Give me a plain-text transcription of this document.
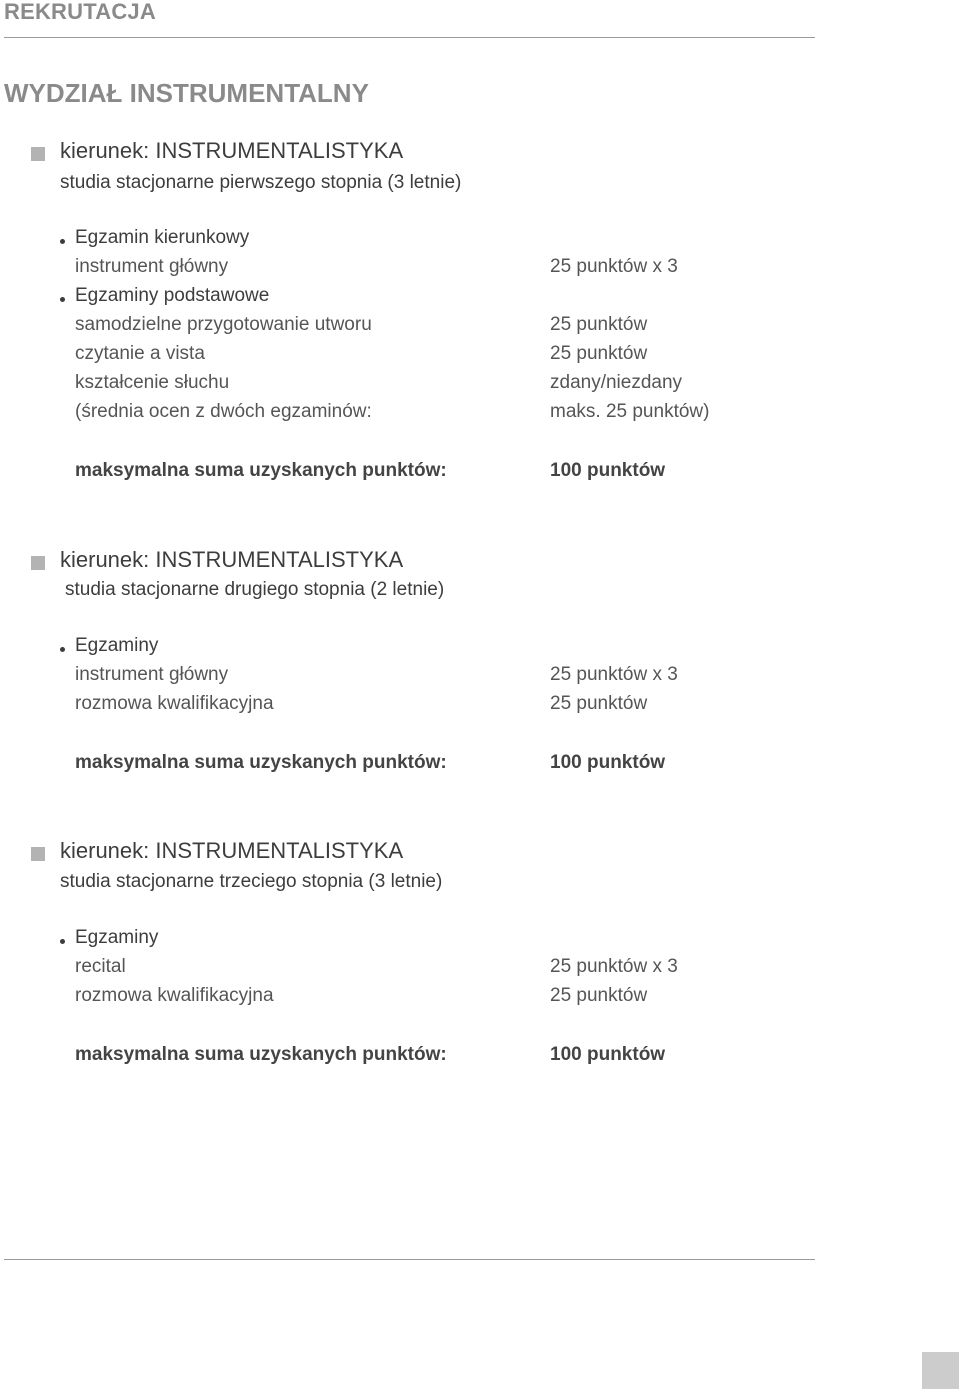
REKRUTACJA
WYDZIAŁ INSTRUMENTALNY
kierunek: INSTRUMENTALISTYKA
studia stacjonarne pierwszego stopnia (3 letnie)
Egzamin kierunkowy
instrument główny	25 punktów x 3
Egzaminy podstawowe
samodzielne przygotowanie utworu	25 punktów
czytanie a vista	25 punktów
kształcenie słuchu	zdany/niezdany
(średnia ocen z dwóch egzaminów:	maks. 25 punktów)
maksymalna suma uzyskanych punktów:	100 punktów
kierunek: INSTRUMENTALISTYKA
studia stacjonarne drugiego stopnia (2 letnie)
Egzaminy
instrument główny	25 punktów x 3
rozmowa kwalifikacyjna	25 punktów
maksymalna suma uzyskanych punktów:	100 punktów
kierunek: INSTRUMENTALISTYKA
studia stacjonarne trzeciego stopnia (3 letnie)
Egzaminy
recital	25 punktów x 3
rozmowa kwalifikacyjna	25 punktów
maksymalna suma uzyskanych punktów:	100 punktów
